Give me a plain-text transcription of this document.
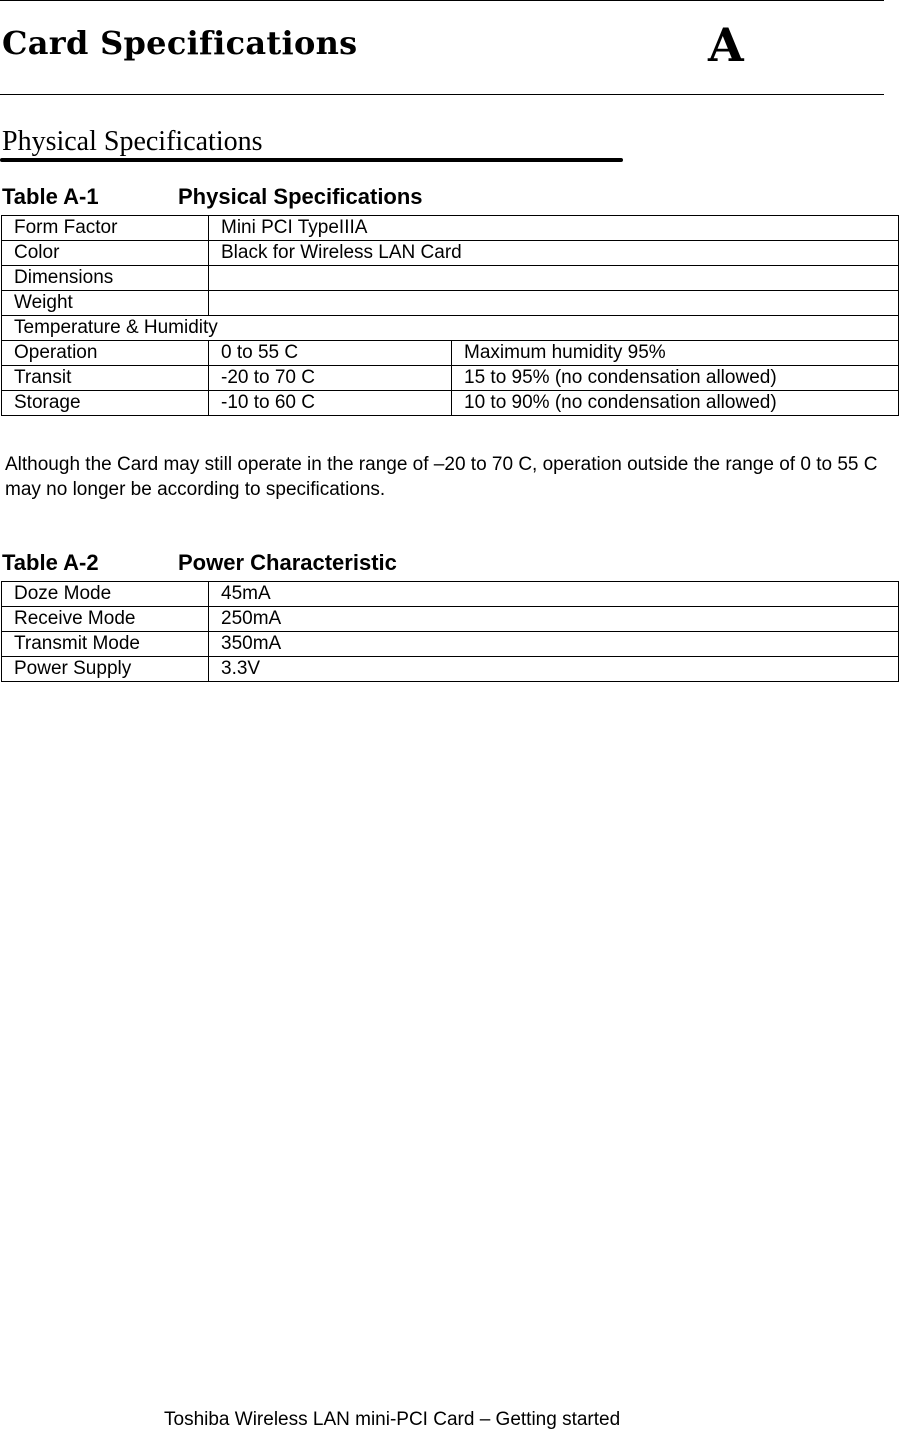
Card Specifications	A
Physical Specifications

Table A-1	Physical Specifications

Form Factor	Mini PCI TypeIIIA	
Color	Black for Wireless LAN Card	
Dimensions		
Weight		
Temperature & Humidity		
Operation	0 to 55 C	Maximum humidity 95%
Transit	-20 to 70 C	15 to 95% (no condensation allowed)
Storage	-10 to 60 C	10 to 90% (no condensation allowed)

Although the Card may still operate in the range of –20 to 70 C, operation outside the range of 0 to 55 C may no longer be according to specifications.

Table A-2	Power Characteristic

Doze Mode	45mA
Receive Mode	250mA
Transmit Mode	350mA
Power Supply	3.3V

Toshiba Wireless LAN mini-PCI Card – Getting started
